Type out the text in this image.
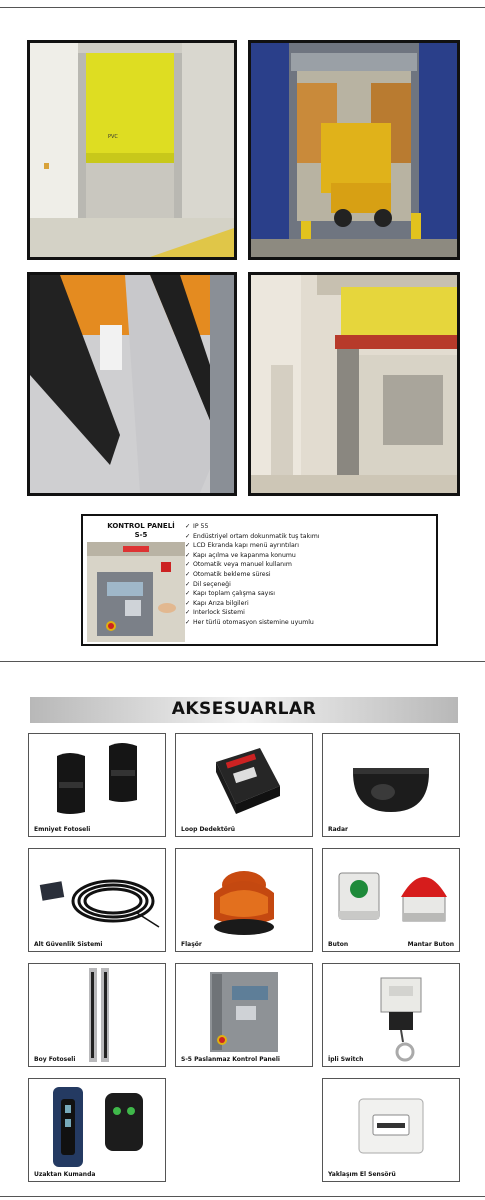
PVC
KONTROL PANELİ
S-5
✓ IP 55
✓ Endüstriyel ortam dokunmatik tuş takımı
✓ LCD Ekranda kapı menü ayrıntıları
✓ Kapı açılma ve kapanma konumu
✓ Otomatik veya manuel kullanım
✓ Otomatik bekleme süresi
✓ Dil seçeneği
✓ Kapı toplam çalışma sayısı
✓ Kapı Arıza bilgileri
✓ Interlock Sistemi
✓ Her türlü otomasyon sistemine uyumlu
AKSESUARLAR
Emniyet Fotoseli	Loop Dedektörü	Radar
Alt Güvenlik Sistemi	Flaşör	Buton	Mantar Buton
Boy Fotoseli	S-5 Paslanmaz Kontrol Paneli	İpli Switch
Uzaktan Kumanda	Yaklaşım El Sensörü
